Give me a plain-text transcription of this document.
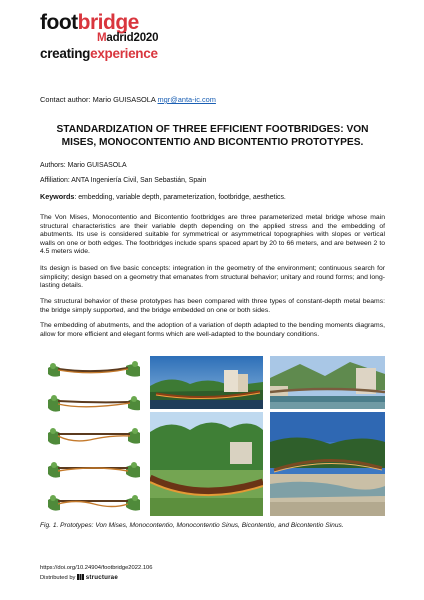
footbridge
Madrid2020
creatingexperience
Contact author: Mario GUISASOLA mgr@anta-ic.com
STANDARDIZATION OF THREE EFFICIENT FOOTBRIDGES: VON MISES, MONOCONTENTIO AND BICONTENTIO PROTOTYPES.
Authors: Mario GUISASOLA
Affiliation: ANTA Ingeniería Civil, San Sebastián, Spain
Keywords: embedding, variable depth, parameterization, footbridge, aesthetics.
The Von Mises, Monocontentio and Bicontentio footbridges are three parameterized metal bridge whose main structural characteristics are their variable depth depending on the applied stress and the embedding of abutments. Its use is considered suitable for symmetrical or asymmetrical topographies with slopes or vertical walls on one or both edges. The footbridges include spans spaced apart by 20 to 66 meters, and are between 2 to 4.5 meters wide.
Its design is based on five basic concepts: integration in the geometry of the environment; continuous search for simplicity; design based on a geometry that emanates from structural behavior; unitary and round forms; and long- lasting details.
The structural behavior of these prototypes has been compared with three types of constant-depth metal beams: the bridge simply supported, and the bridge embedded on one or both sides.
The embedding of abutments, and the adoption of a variation of depth adapted to the bending moments diagrams, allow for more efficient and elegant forms which are well-adapted to the boundary conditions.
Fig. 1. Prototypes: Von Mises, Monocontentio, Monocontentio Sinus, Bicontentio, and Bicontentio Sinus.
https://doi.org/10.24904/footbridge2022.106
Distributed by structurae
